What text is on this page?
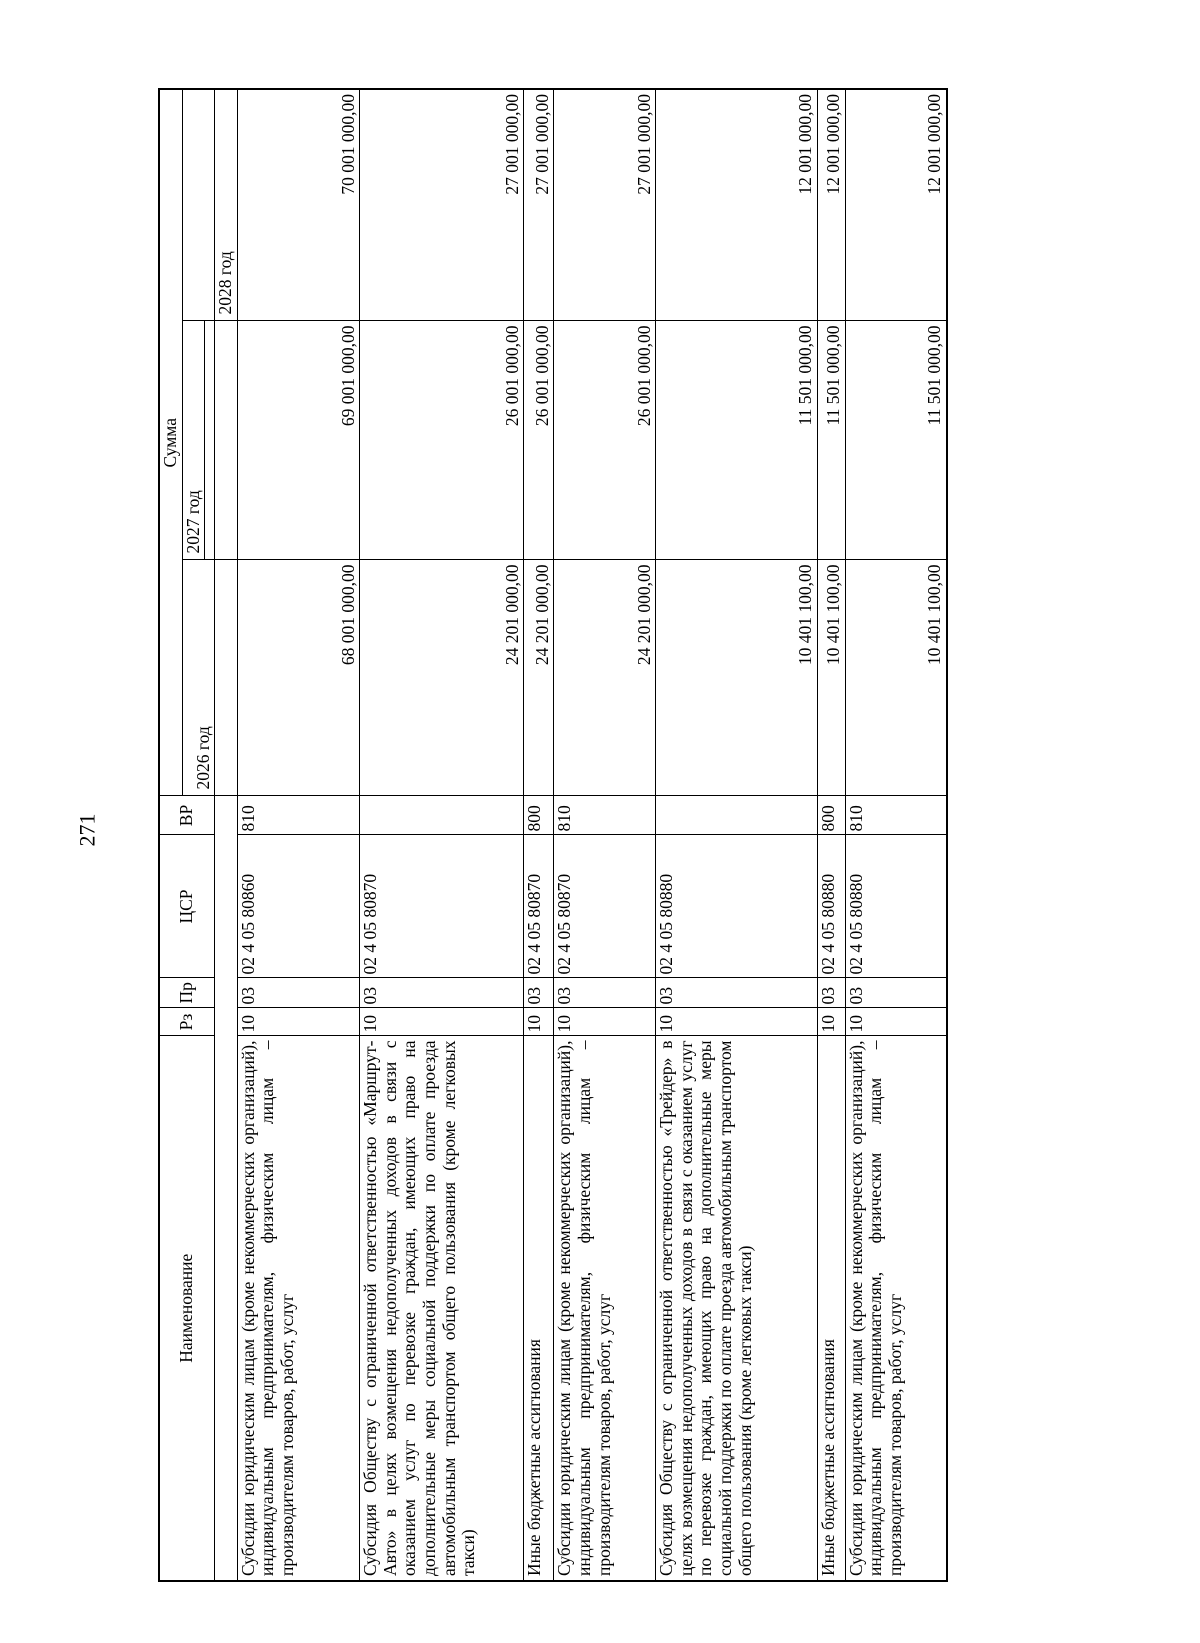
271
Наименование	Рз	Пр	ЦСР	ВР	Сумма		
					2026 год	2027 год	

							2028 год
Субсидии юридическим лицам (кроме некоммерческих организаций), индивидуальным предпринимателям, физическим лицам – производителям товаров, работ, услуг	10	03	02 4 05 80860	810	68 001 000,00	69 001 000,00	70 001 000,00
Субсидия Обществу с ограниченной ответственностью «Маршрут-Авто» в целях возмещения недополученных доходов в связи с оказанием услуг по перевозке граждан, имеющих право на дополнительные меры социальной поддержки по оплате проезда автомобильным транспортом общего пользования (кроме легковых такси)	10	03	02 4 05 80870		24 201 000,00	26 001 000,00	27 001 000,00
Иные бюджетные ассигнования	10	03	02 4 05 80870	800	24 201 000,00	26 001 000,00	27 001 000,00
Субсидии юридическим лицам (кроме некоммерческих организаций), индивидуальным предпринимателям, физическим лицам – производителям товаров, работ, услуг	10	03	02 4 05 80870	810	24 201 000,00	26 001 000,00	27 001 000,00
Субсидия Обществу с ограниченной ответственностью «Трейдер» в целях возмещения недополученных доходов в связи с оказанием услуг по перевозке граждан, имеющих право на дополнительные меры социальной поддержки по оплате проезда автомобильным транспортом общего пользования (кроме легковых такси)	10	03	02 4 05 80880		10 401 100,00	11 501 000,00	12 001 000,00
Иные бюджетные ассигнования	10	03	02 4 05 80880	800	10 401 100,00	11 501 000,00	12 001 000,00
Субсидии юридическим лицам (кроме некоммерческих организаций), индивидуальным предпринимателям, физическим лицам – производителям товаров, работ, услуг	10	03	02 4 05 80880	810	10 401 100,00	11 501 000,00	12 001 000,00
